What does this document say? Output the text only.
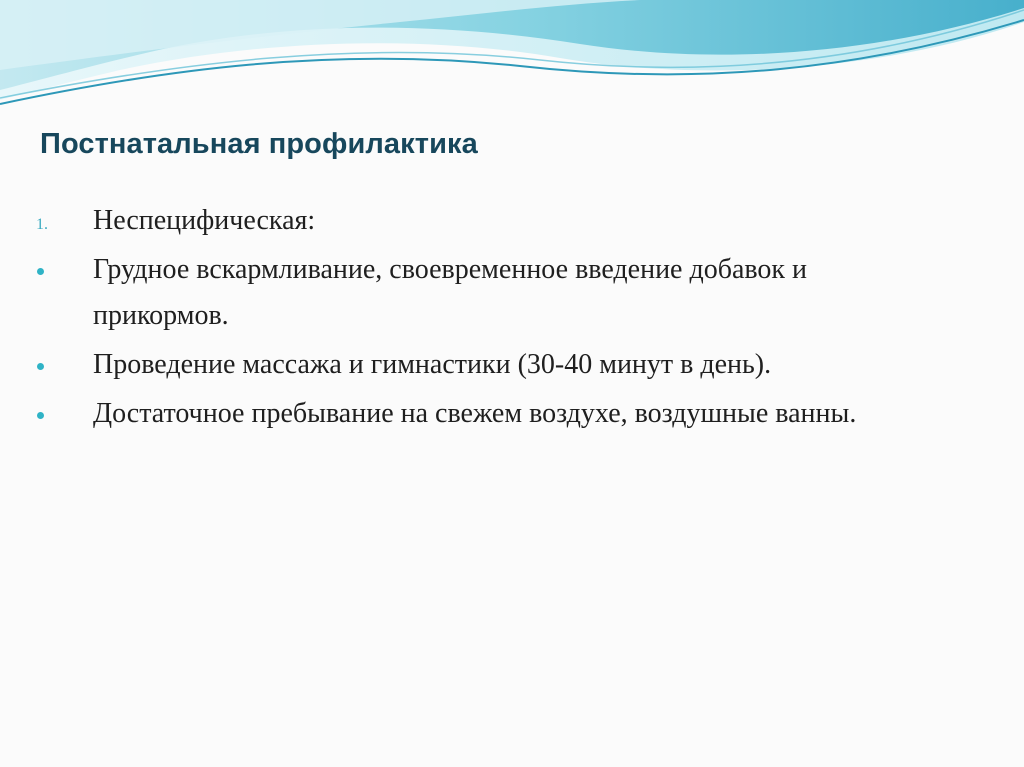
Постнатальная профилактика
1. Неспецифическая:
Грудное вскармливание, своевременное введение добавок и прикормов.
Проведение массажа и гимнастики (30-40 минут в день).
Достаточное пребывание на свежем воздухе, воздушные ванны.
